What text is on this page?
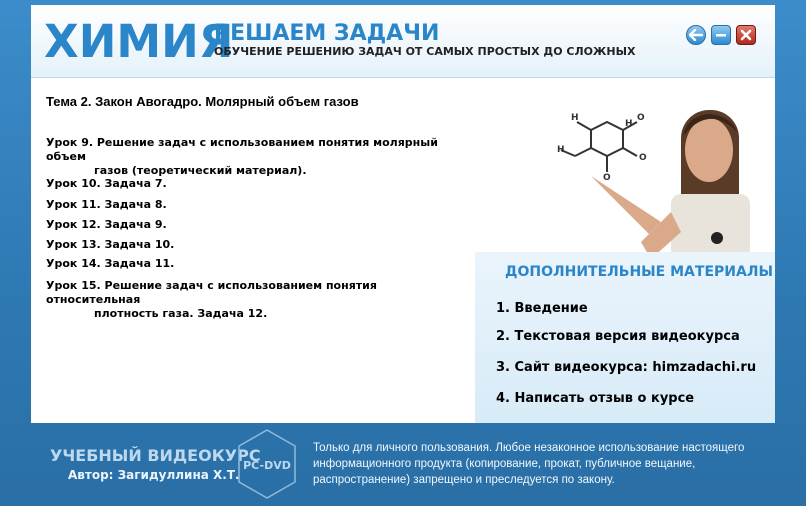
ХИМИЯ
РЕШАЕМ ЗАДАЧИ
ОБУЧЕНИЕ РЕШЕНИЮ ЗАДАЧ ОТ САМЫХ ПРОСТЫХ ДО СЛОЖНЫХ
Тема 2. Закон Авогадро. Молярный объем газов
Урок 9. Решение задач с использованием понятия молярный объем
газов (теоретический материал).
Урок 10. Задача 7.
Урок 11. Задача 8.
Урок 12. Задача 9.
Урок 13. Задача 10.
Урок 14. Задача 11.
Урок 15. Решение задач с использованием понятия относительная
плотность газа. Задача 12.
Н
Н
О
О
Н	О
ДОПОЛНИТЕЛЬНЫЕ МАТЕРИАЛЫ
1. Введение
2. Текстовая версия видеокурса
3. Сайт видеокурса: himzadachi.ru
4. Написать отзыв о курсе
УЧЕБНЫЙ ВИДЕОКУРС
Автор: Загидуллина Х.Т.
PC-DVD
Только для личного пользования. Любое незаконное использование настоящего информационного продукта (копирование, прокат, публичное вещание, распространение) запрещено и преследуется по закону.
